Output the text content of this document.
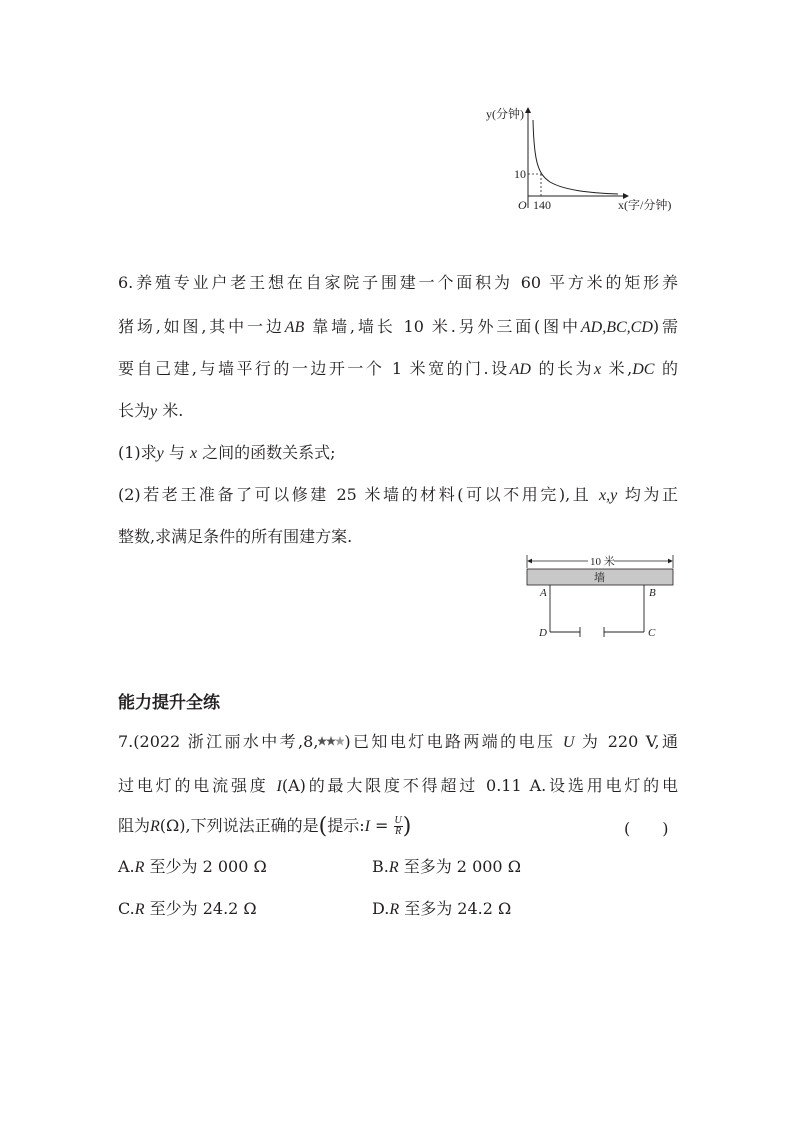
y(分钟)
10
O 140	x(字/分钟)
6.养殖专业户老王想在自家院子围建一个面积为 60 平方米的矩形养
猪场,如图,其中一边AB 靠墙,墙长 10 米.另外三面(图中AD,BC,CD)需
要自己建,与墙平行的一边开一个 1 米宽的门.设AD 的长为x 米,DC 的
长为y 米.
(1)求y 与 x 之间的函数关系式;
(2)若老王准备了可以修建 25 米墙的材料(可以不用完),且 x,y 均为正
整数,求满足条件的所有围建方案.
10 米
墙
A	B
D	C
能力提升全练
7.(2022 浙江丽水中考,8, )已知电灯电路两端的电压 U 为 220 V,通
过电灯的电流强度 I(A)的最大限度不得超过 0.11 A.设选用电灯的电
阻为R(Ω),下列说法正确的是(提示:I = $\frac{U}{R}$ )	(　　)
A.R 至少为 2 000 Ω	B.R 至多为 2 000 Ω
C.R 至少为 24.2 Ω	D.R 至多为 24.2 Ω
